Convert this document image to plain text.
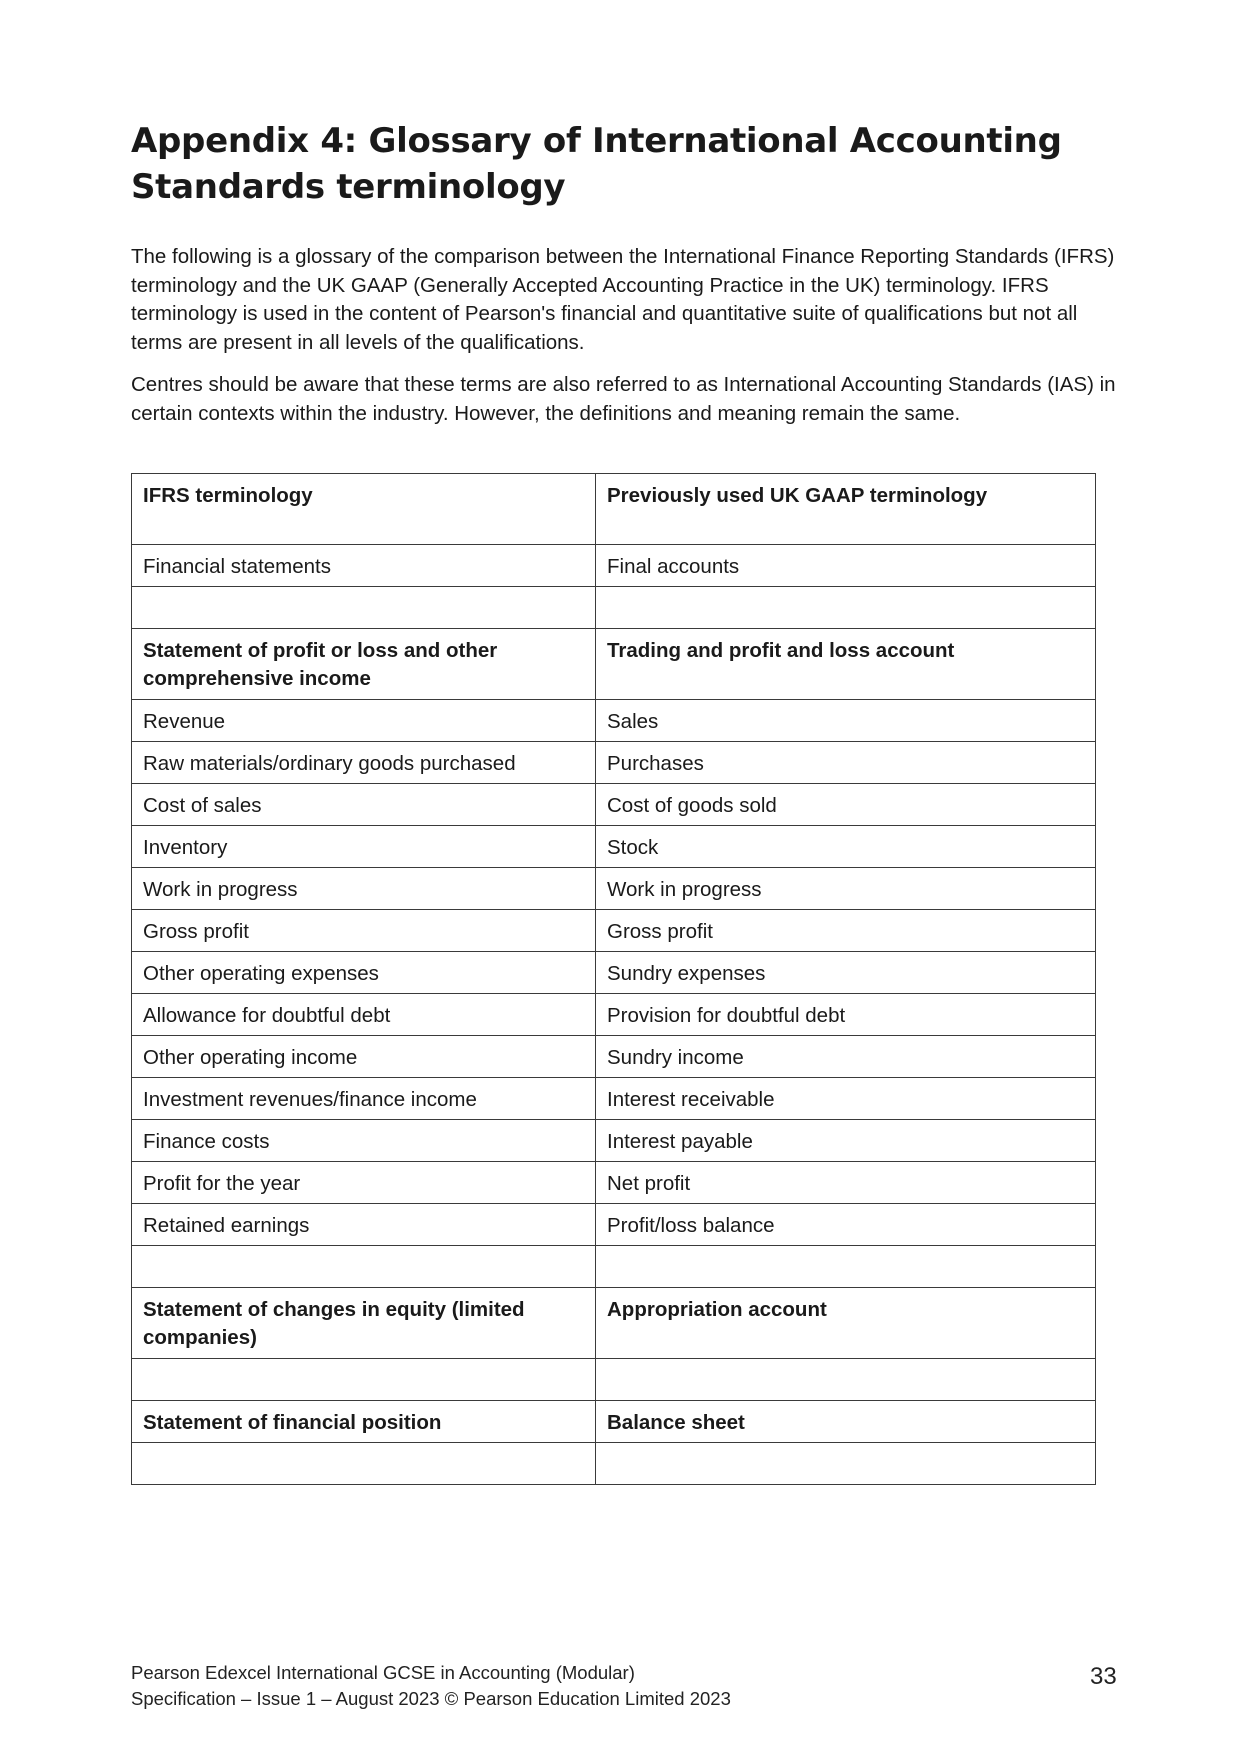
Appendix 4: Glossary of International Accounting Standards terminology

The following is a glossary of the comparison between the International Finance Reporting Standards (IFRS) terminology and the UK GAAP (Generally Accepted Accounting Practice in the UK) terminology. IFRS terminology is used in the content of Pearson's financial and quantitative suite of qualifications but not all terms are present in all levels of the qualifications.

Centres should be aware that these terms are also referred to as International Accounting Standards (IAS) in certain contexts within the industry. However, the definitions and meaning remain the same.

IFRS terminology	Previously used UK GAAP terminology
Financial statements	Final accounts

Statement of profit or loss and other comprehensive income	Trading and profit and loss account
Revenue	Sales
Raw materials/ordinary goods purchased	Purchases
Cost of sales	Cost of goods sold
Inventory	Stock
Work in progress	Work in progress
Gross profit	Gross profit
Other operating expenses	Sundry expenses
Allowance for doubtful debt	Provision for doubtful debt
Other operating income	Sundry income
Investment revenues/finance income	Interest receivable
Finance costs	Interest payable
Profit for the year	Net profit
Retained earnings	Profit/loss balance

Statement of changes in equity (limited companies)	Appropriation account

Statement of financial position	Balance sheet

Pearson Edexcel International GCSE in Accounting (Modular)
Specification – Issue 1 – August 2023 © Pearson Education Limited 2023
33
